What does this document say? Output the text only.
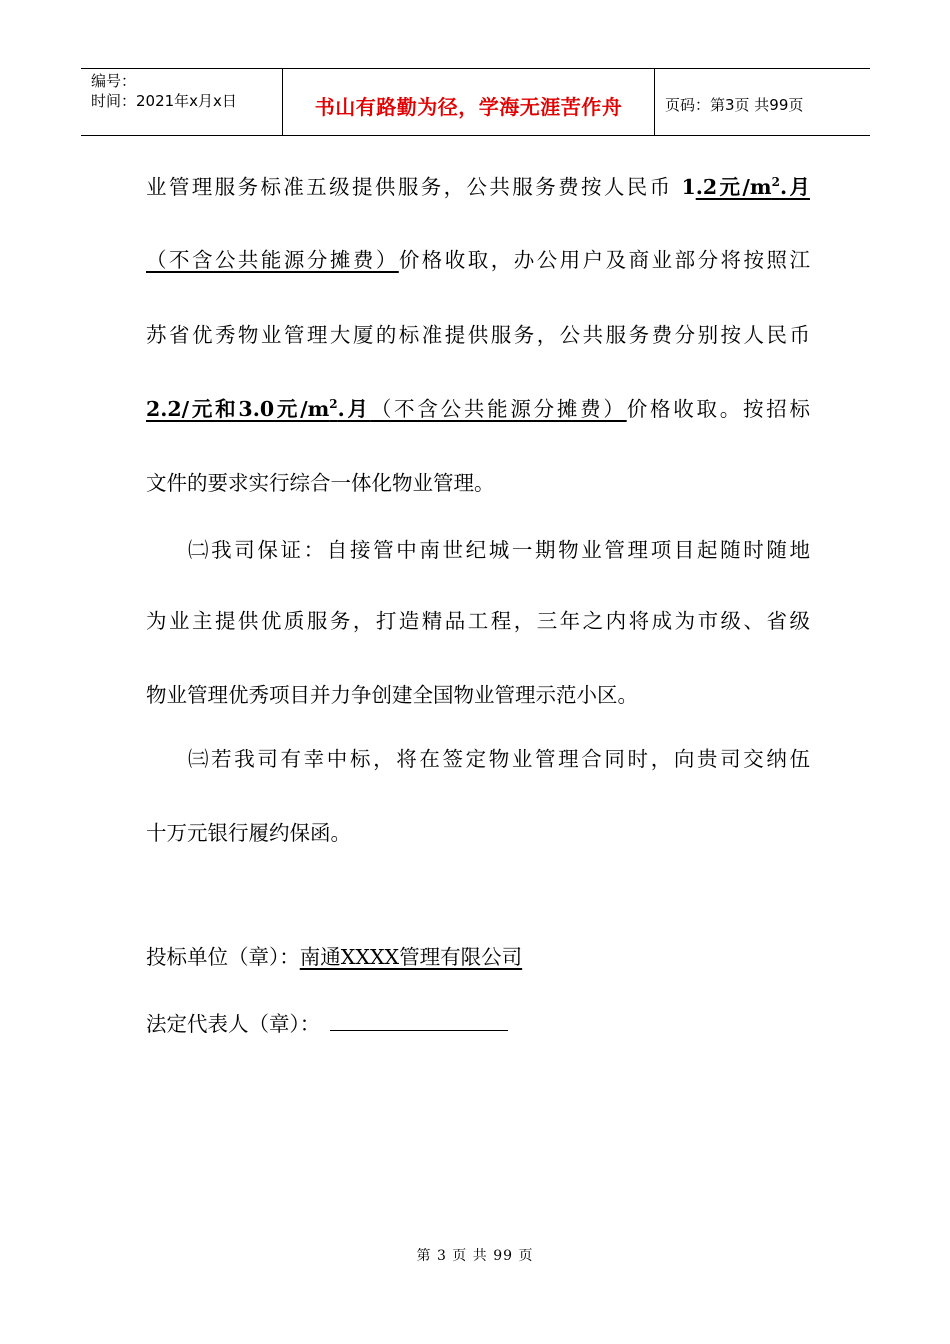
编号：
时间：2021年x月x日	书山有路勤为径，学海无涯苦作舟	页码：第3页 共99页
业管理服务标准五级提供服务，公共服务费按人民币 1.2元$/m^2$.月
（不含公共能源分摊费）价格收取，办公用户及商业部分将按照江
苏省优秀物业管理大厦的标准提供服务，公共服务费分别按人民币
2.2/元和3.0元$/m^2$.月（不含公共能源分摊费）价格收取。按招标
文件的要求实行综合一体化物业管理。
㈡我司保证：自接管中南世纪城一期物业管理项目起随时随地
为业主提供优质服务，打造精品工程，三年之内将成为市级、省级
物业管理优秀项目并力争创建全国物业管理示范小区。
㈢若我司有幸中标，将在签定物业管理合同时，向贵司交纳伍
十万元银行履约保函。
投标单位（章）：南通XXXX管理有限公司
法定代表人（章）：
第 3 页 共 99 页
